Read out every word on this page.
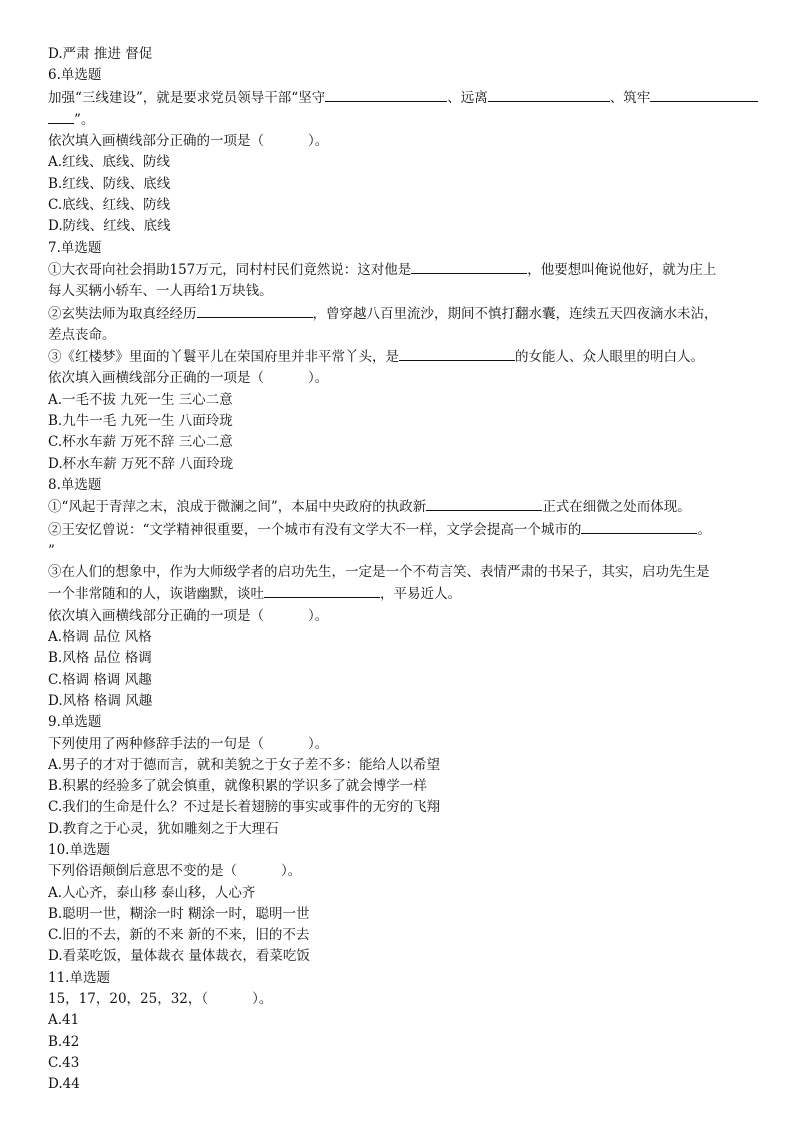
D.严肃 推进 督促
6.单选题
加强“三线建设”，就是要求党员领导干部“坚守	、远离	、筑牢
”。
依次填入画横线部分正确的一项是（	）。
A.红线、底线、防线
B.红线、防线、底线
C.底线、红线、防线
D.防线、红线、底线
7.单选题
①大衣哥向社会捐助157万元，同村村民们竟然说：这对他是	，他要想叫俺说他好，就为庄上
每人买辆小轿车、一人再给1万块钱。
②玄奘法师为取真经经历	，曾穿越八百里流沙，期间不慎打翻水囊，连续五天四夜滴水未沾，
差点丧命。
③《红楼梦》里面的丫鬟平儿在荣国府里并非平常丫头，是	的女能人、众人眼里的明白人。
依次填入画横线部分正确的一项是（	）。
A.一毛不拔 九死一生 三心二意
B.九牛一毛 九死一生 八面玲珑
C.杯水车薪 万死不辞 三心二意
D.杯水车薪 万死不辞 八面玲珑
8.单选题
①“风起于青萍之末，浪成于微澜之间”，本届中央政府的执政新	正式在细微之处而体现。
②王安忆曾说：“文学精神很重要，一个城市有没有文学大不一样，文学会提高一个城市的	。
”
③在人们的想象中，作为大师级学者的启功先生，一定是一个不苟言笑、表情严肃的书呆子，其实，启功先生是
一个非常随和的人，诙谐幽默，谈吐	，平易近人。
依次填入画横线部分正确的一项是（	）。
A.格调 品位 风格
B.风格 品位 格调
C.格调 格调 风趣
D.风格 格调 风趣
9.单选题
下列使用了两种修辞手法的一句是（	）。
A.男子的才对于德而言，就和美貌之于女子差不多：能给人以希望
B.积累的经验多了就会慎重，就像积累的学识多了就会博学一样
C.我们的生命是什么？不过是长着翅膀的事实或事件的无穷的飞翔
D.教育之于心灵，犹如雕刻之于大理石
10.单选题
下列俗语颠倒后意思不变的是（	）。
A.人心齐，泰山移 泰山移，人心齐
B.聪明一世，糊涂一时 糊涂一时，聪明一世
C.旧的不去，新的不来 新的不来，旧的不去
D.看菜吃饭，量体裁衣 量体裁衣，看菜吃饭
11.单选题
15，17，20，25，32，（	）。
A.41
B.42
C.43
D.44
